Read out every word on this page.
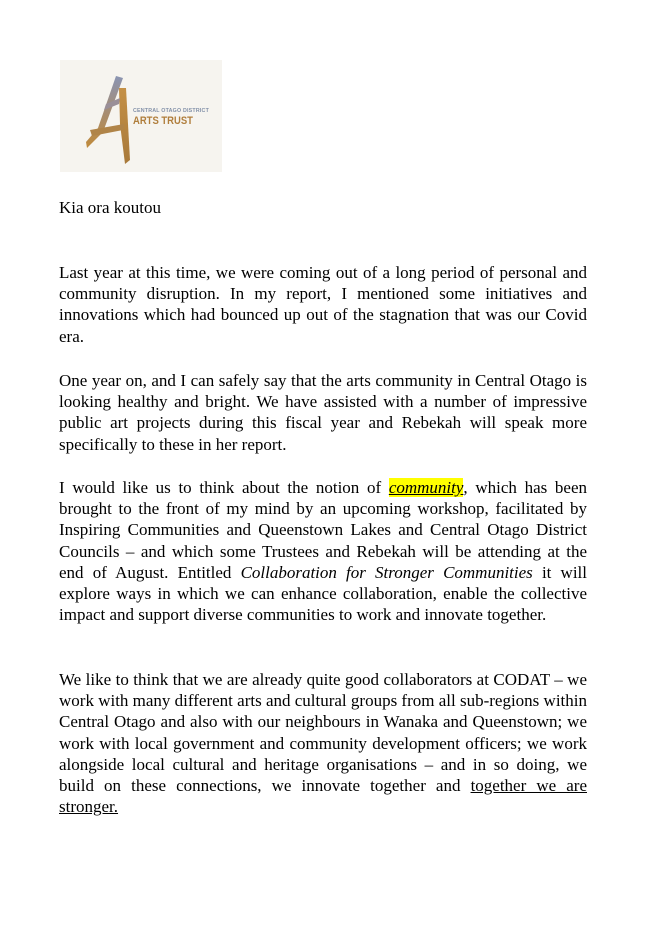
CENTRAL OTAGO DISTRICT
ARTS TRUST

Kia ora koutou

Last year at this time, we were coming out of a long period of personal and community disruption. In my report, I mentioned some initiatives and innovations which had bounced up out of the stagnation that was our Covid era.

One year on, and I can safely say that the arts community in Central Otago is looking healthy and bright. We have assisted with a number of impressive public art projects during this fiscal year and Rebekah will speak more specifically to these in her report.

I would like us to think about the notion of community, which has been brought to the front of my mind by an upcoming workshop, facilitated by Inspiring Communities and Queenstown Lakes and Central Otago District Councils – and which some Trustees and Rebekah will be attending at the end of August. Entitled Collaboration for Stronger Communities it will explore ways in which we can enhance collaboration, enable the collective impact and support diverse communities to work and innovate together.

We like to think that we are already quite good collaborators at CODAT – we work with many different arts and cultural groups from all sub-regions within Central Otago and also with our neighbours in Wanaka and Queenstown; we work with local government and community development officers; we work alongside local cultural and heritage organisations – and in so doing, we build on these connections, we innovate together and together we are stronger.
